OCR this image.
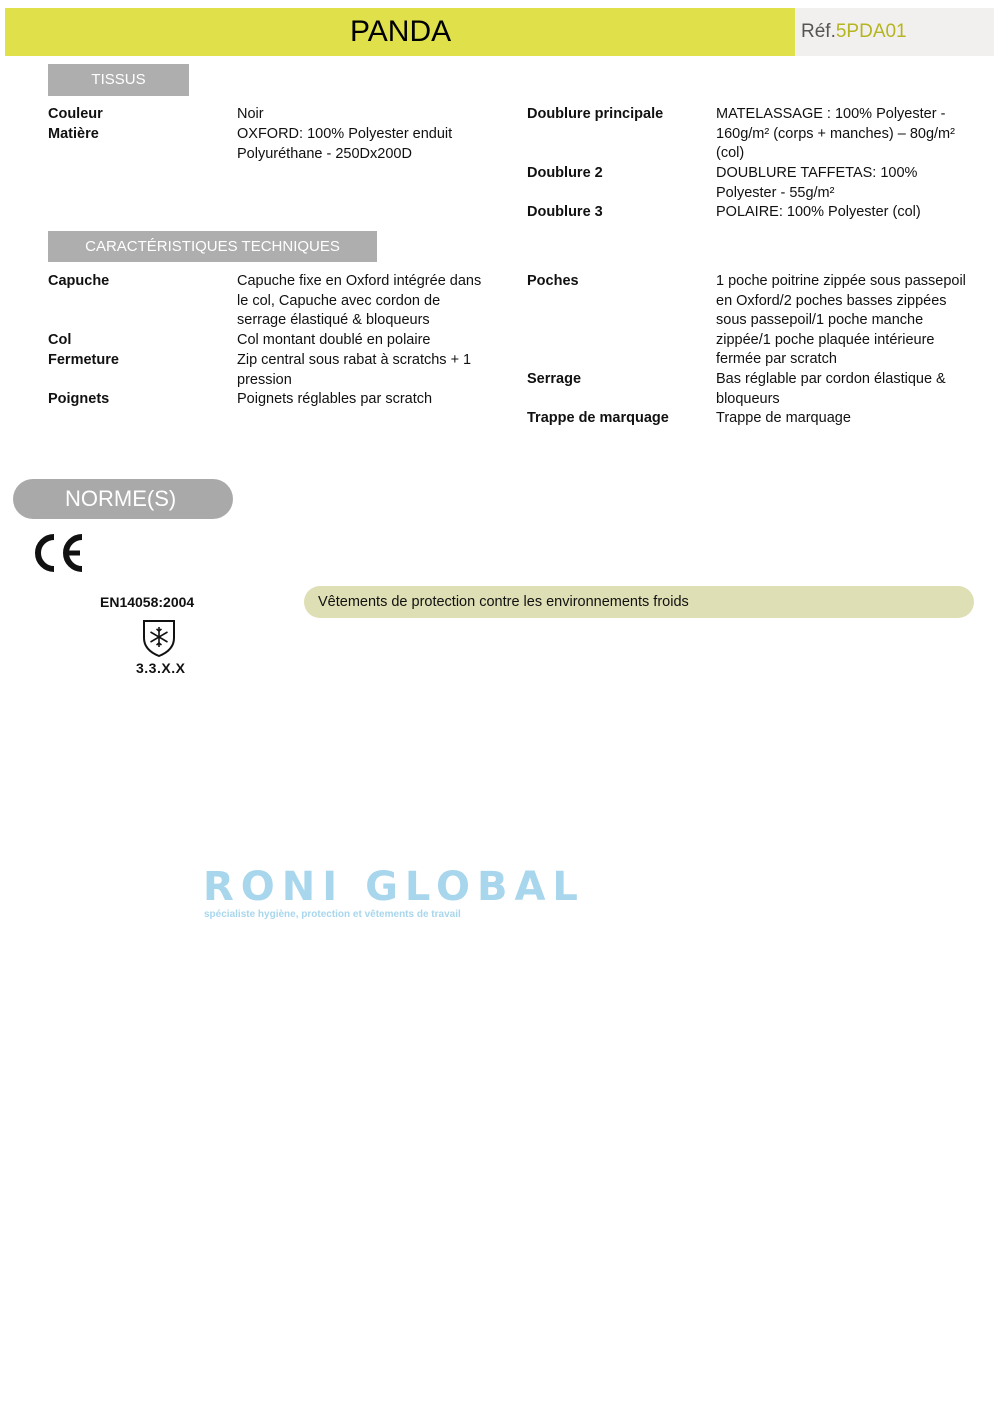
PANDA	Réf.5PDA01
TISSUS
Couleur	Noir
Matière	OXFORD: 100% Polyester enduit
Polyuréthane - 250Dx200D
Doublure principale	MATELASSAGE : 100% Polyester -
160g/m² (corps + manches) – 80g/m²
(col)
Doublure 2	DOUBLURE TAFFETAS: 100%
Polyester - 55g/m²
Doublure 3	POLAIRE: 100% Polyester (col)
CARACTÉRISTIQUES TECHNIQUES
Capuche	Capuche fixe en Oxford intégrée dans
le col, Capuche avec cordon de
serrage élastiqué & bloqueurs
Col	Col montant doublé en polaire
Fermeture	Zip central sous rabat à scratchs + 1
pression
Poignets	Poignets réglables par scratch
Poches	1 poche poitrine zippée sous passepoil
en Oxford/2 poches basses zippées
sous passepoil/1 poche manche
zippée/1 poche plaquée intérieure
fermée par scratch
Serrage	Bas réglable par cordon élastique &
bloqueurs
Trappe de marquage	Trappe de marquage
NORME(S)
EN14058:2004
3.3.X.X
Vêtements de protection contre les environnements froids
RONI GLOBAL
spécialiste hygiène, protection et vêtements de travail
